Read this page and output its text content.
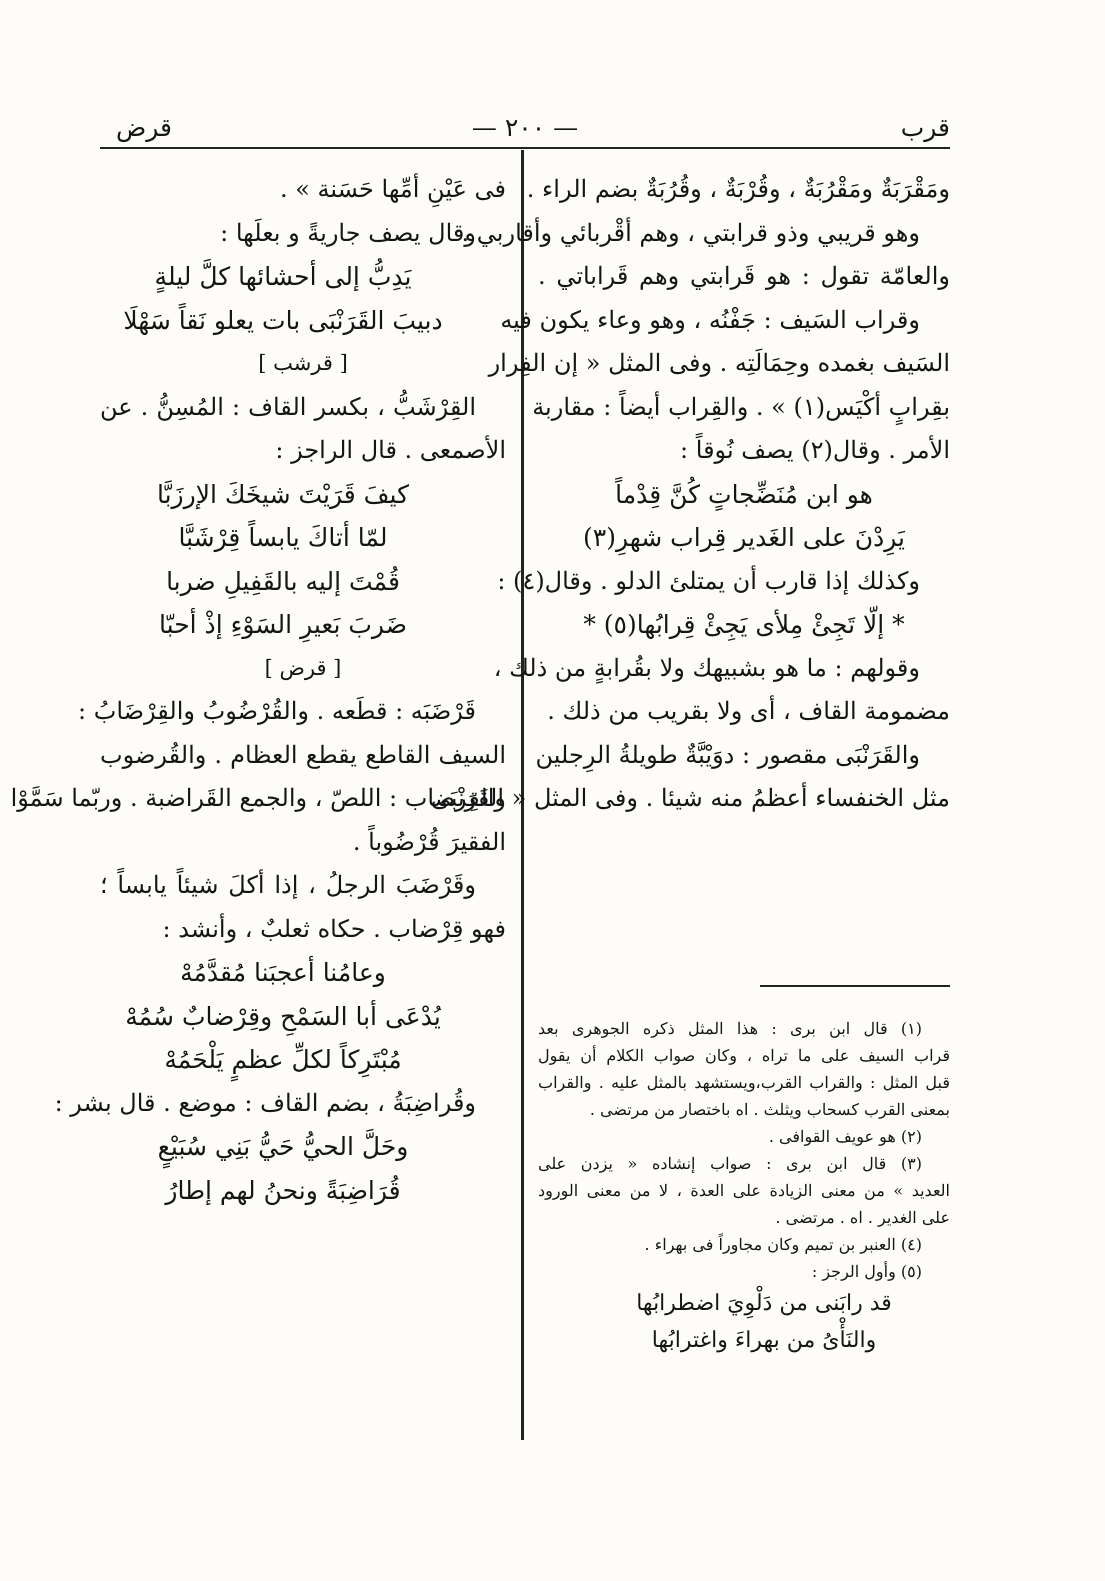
قرب
— ٢٠٠ —
قرض
ومَقْرَبَةٌ ومَقْرُبَةٌ ، وقُرْبَةٌ ، وقُرُبَةٌ بضم الراء .
وهو قريبي وذو قرابتي ، وهم أقْربائي وأقاربي .
والعامّة تقول : هو قَرابتي وهم قَراباتي .
وقراب السَيف : جَفْنُه ، وهو وعاء يكون فيه
السَيف بغمده وحِمَالَتِه . وفى المثل « إن الفِرار
بقِرابٍ أكْيَس(١) » . والقِراب أيضاً : مقاربة
الأمر . وقال(٢) يصف نُوقاً :
هو ابن مُنَضِّجاتٍ كُنَّ قِدْماً
يَرِدْنَ على الغَدير قِراب شهرِ(٣)
وكذلك إذا قارب أن يمتلئ الدلو . وقال(٤) :
* إلّا تَجِئْ مِلأى يَجِئْ قِرابُها(٥) *
وقولهم : ما هو بشبيهك ولا بقُرابةٍ من ذلك ،
مضمومة القاف ، أى ولا بقريب من ذلك .
والقَرَنْبَى مقصور : دوَيْبَّةٌ طويلةُ الرِجلين
مثل الخنفساء أعظمُ منه شيئا . وفى المثل « القَرَنْبَى
(١) قال ابن برى : هذا المثل ذكره الجوهرى بعد
قراب السيف على ما تراه ، وكان صواب الكلام أن يقول
قبل المثل : والقراب القرب،ويستشهد بالمثل عليه . والقراب
بمعنى القرب كسحاب ويثلث . اه باختصار من مرتضى .
(٢) هو عويف القوافى .
(٣) قال ابن برى : صواب إنشاده « يزدن على
العديد » من معنى الزيادة على العدة ، لا من معنى الورود
على الغدير . اه . مرتضى .
(٤) العنبر بن تميم وكان مجاوراً فى بهراء .
(٥) وأول الرجز :
قد رابَنى من دَلْوِيَ اضطرابُها
والنَأْىُ من بهراءَ واغترابُها
فى عَيْنِ أمِّها حَسَنة » .
وقال يصف جاريةً و بعلَها :
يَدِبُّ إلى أحشائها كلَّ ليلةٍ
دبيبَ القَرَنْبَى بات يعلو نَقاً سَهْلَا
[ قرشب ]
القِرْشَبُّ ، بكسر القاف : المُسِنُّ . عن
الأصمعى . قال الراجز :
كيفَ قَرَيْتَ شيخَكَ الإرزَبَّا
لمّا أتاكَ يابساً قِرْشَبَّا
قُمْتَ إليه بالقَفِيلِ ضربا
ضَربَ بَعيرِ السَوْءِ إذْ أحبّا
[ قرض ]
قَرْضَبَه : قطَعه . والقُرْضُوبُ والقِرْضَابُ :
السيف القاطع يقطع العظام . والقُرضوب
والقِرضاب : اللصّ ، والجمع القَراضبة . وربّما سَمَّوْا
الفقيرَ قُرْضُوباً .
وقَرْضَبَ الرجلُ ، إذا أكلَ شيئاً يابساً ؛
فهو قِرْضاب . حكاه ثعلبٌ ، وأنشد :
وعامُنا أعجبَنا مُقدَّمُهْ
يُدْعَى أبا السَمْحِ وقِرْضابٌ سُمُهْ
مُبْتَرِكاً لكلِّ عظمٍ يَلْحَمُهْ
وقُراضِبَةُ ، بضم القاف : موضع . قال بشر :
وحَلَّ الحيُّ حَيُّ بَنِي سُبَيْعٍ
قُرَاضِبَةً ونحنُ لهم إطارُ
